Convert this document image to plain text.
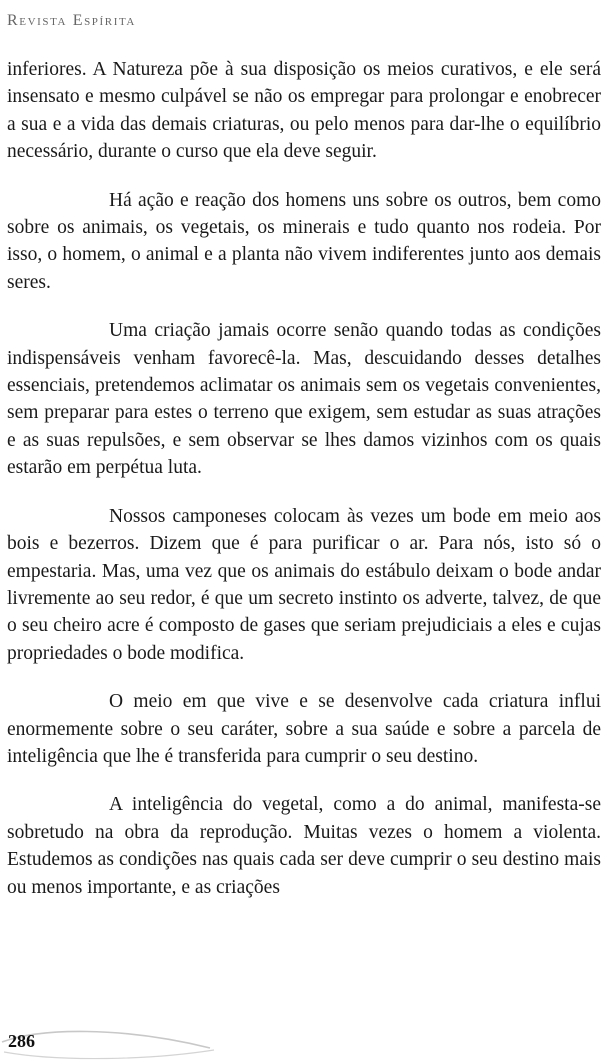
Revista Espírita

inferiores. A Natureza põe à sua disposição os meios curativos, e ele será insensato e mesmo culpável se não os empregar para prolongar e enobrecer a sua e a vida das demais criaturas, ou pelo menos para dar-lhe o equilíbrio necessário, durante o curso que ela deve seguir.

Há ação e reação dos homens uns sobre os outros, bem como sobre os animais, os vegetais, os minerais e tudo quanto nos rodeia. Por isso, o homem, o animal e a planta não vivem indiferentes junto aos demais seres.

Uma criação jamais ocorre senão quando todas as condições indispensáveis venham favorecê-la. Mas, descuidando desses detalhes essenciais, pretendemos aclimatar os animais sem os vegetais convenientes, sem preparar para estes o terreno que exigem, sem estudar as suas atrações e as suas repulsões, e sem observar se lhes damos vizinhos com os quais estarão em perpétua luta.

Nossos camponeses colocam às vezes um bode em meio aos bois e bezerros. Dizem que é para purificar o ar. Para nós, isto só o empestaria. Mas, uma vez que os animais do estábulo deixam o bode andar livremente ao seu redor, é que um secreto instinto os adverte, talvez, de que o seu cheiro acre é composto de gases que seriam prejudiciais a eles e cujas propriedades o bode modifica.

O meio em que vive e se desenvolve cada criatura influi enormemente sobre o seu caráter, sobre a sua saúde e sobre a parcela de inteligência que lhe é transferida para cumprir o seu destino.

A inteligência do vegetal, como a do animal, manifesta-se sobretudo na obra da reprodução. Muitas vezes o homem a violenta. Estudemos as condições nas quais cada ser deve cumprir o seu destino mais ou menos importante, e as criações

286
